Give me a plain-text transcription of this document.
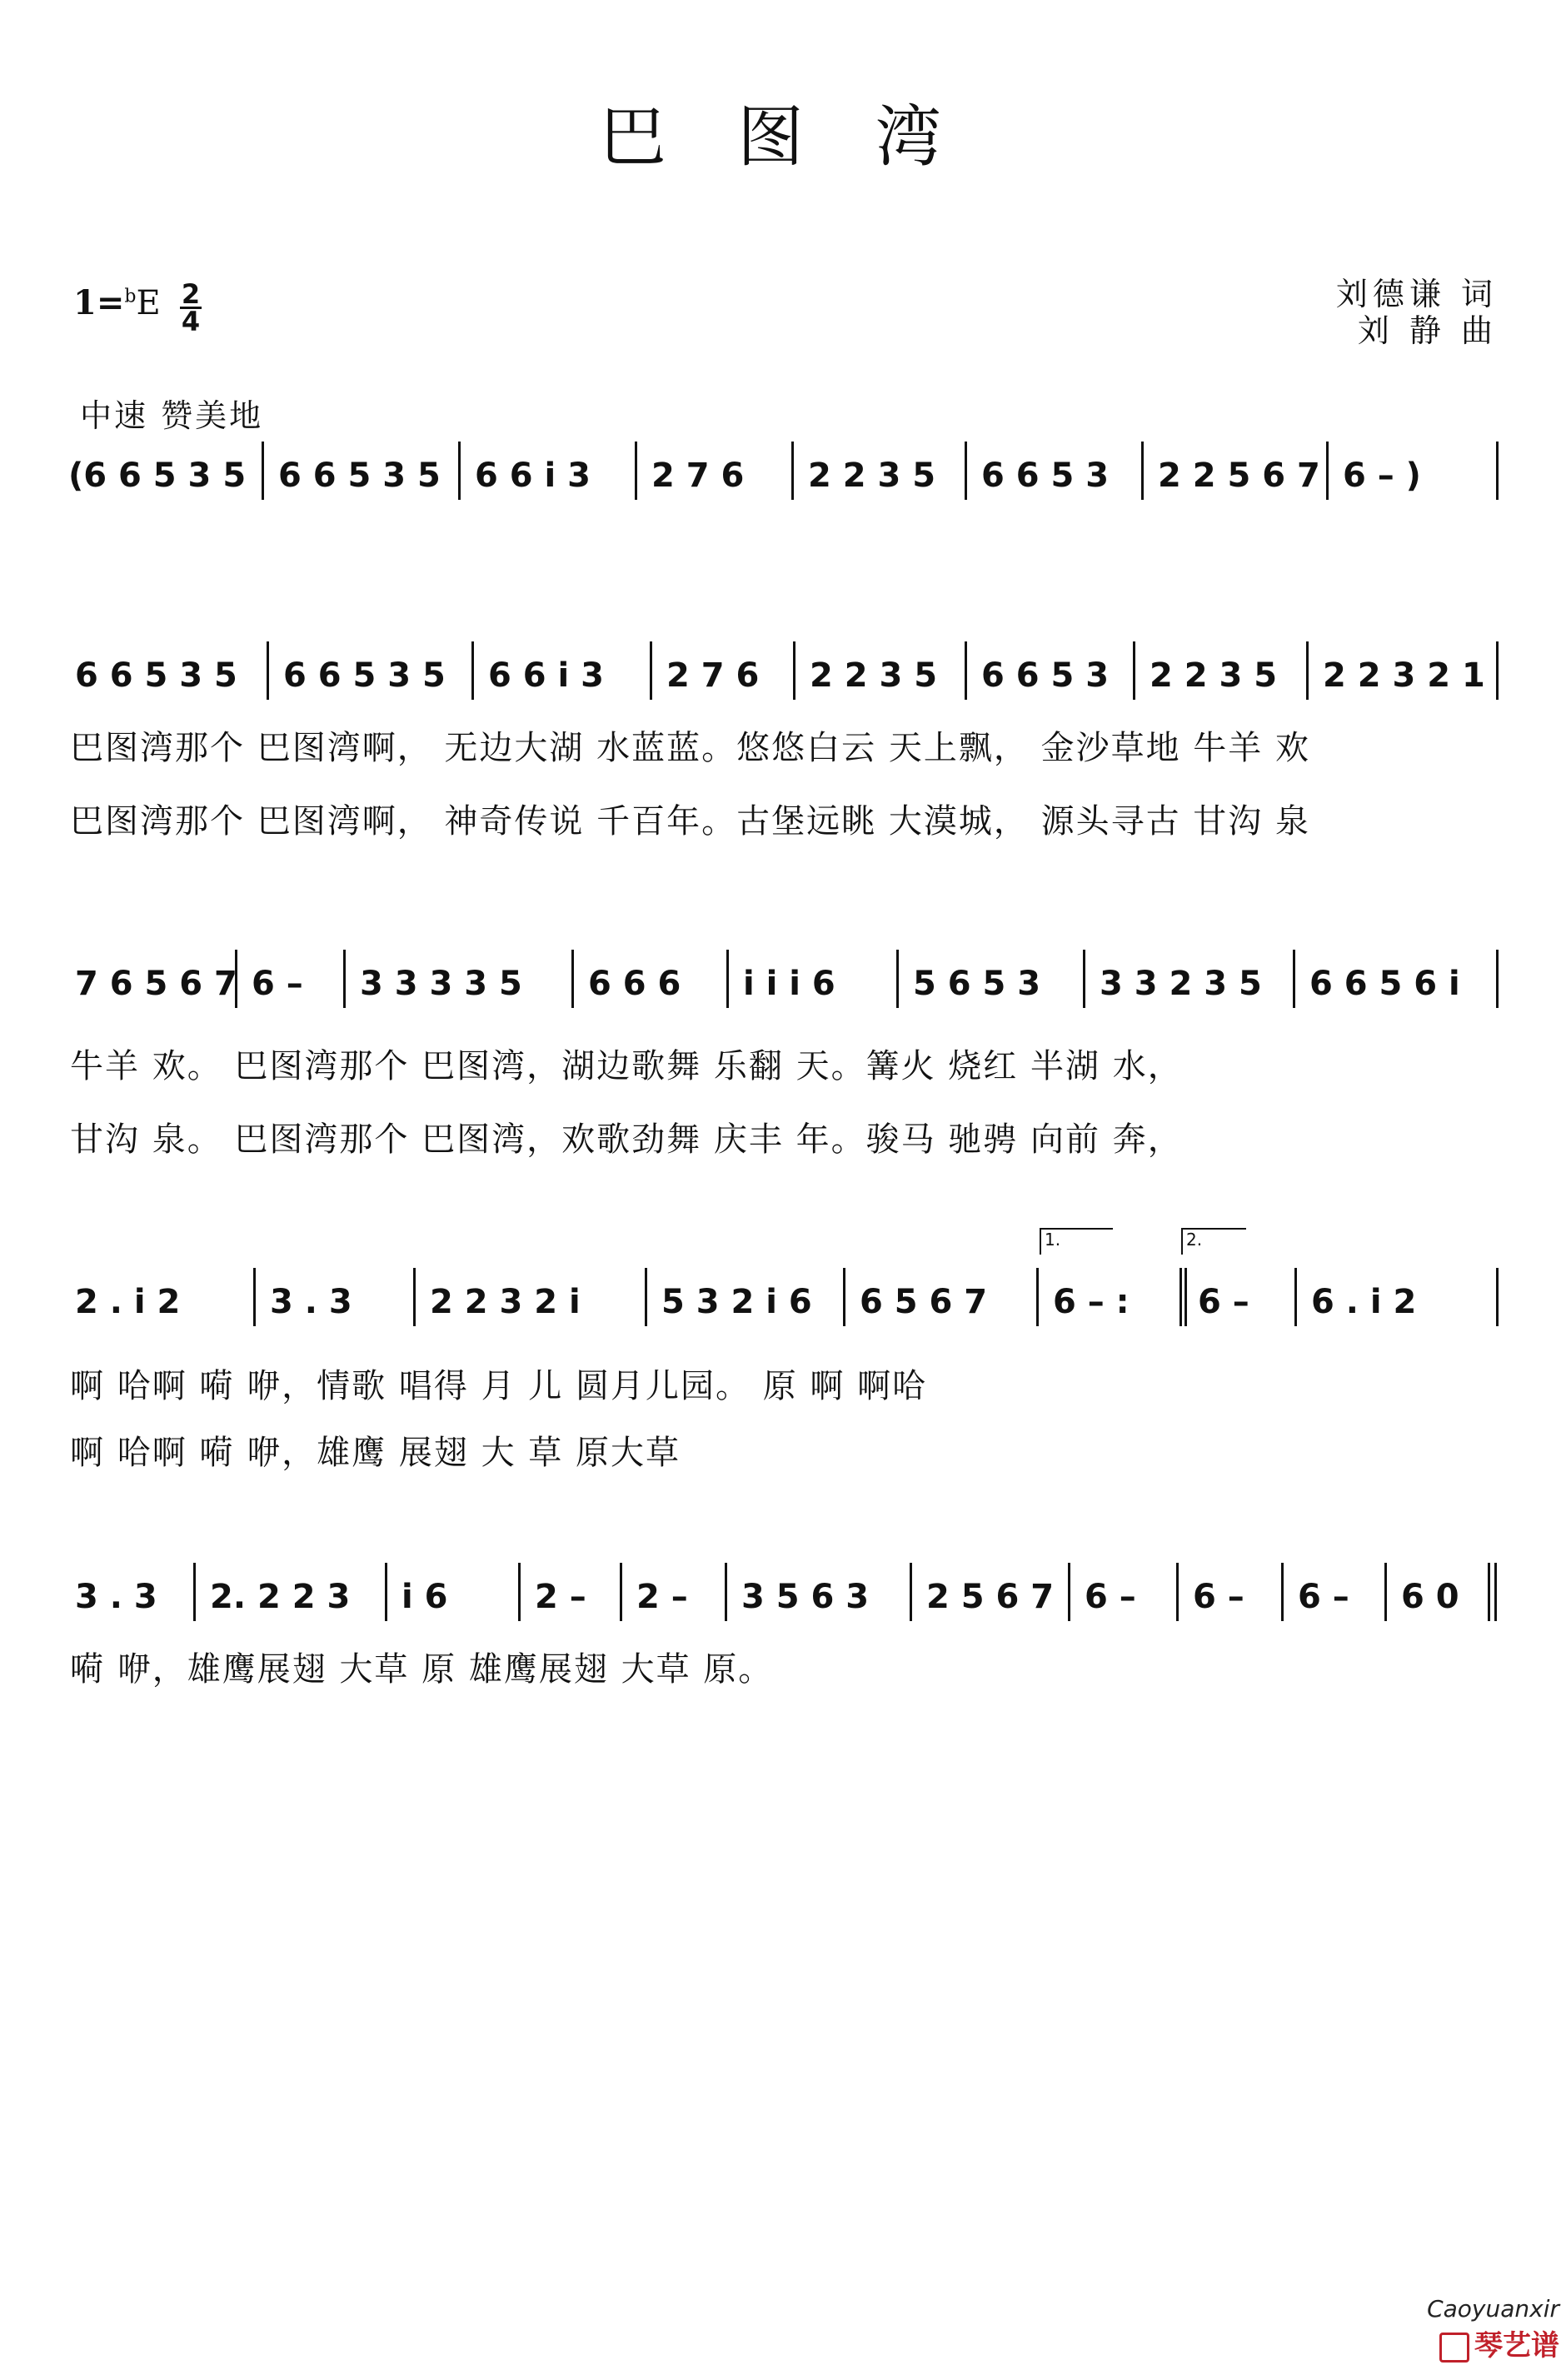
巴 图 湾
1=$^b$E 2
4
刘德谦 词
刘 静 曲
中速 赞美地
(6 6 5 3 5 6 6 5 3 5 6 6 i 3 2 7 6 2 2 3 5 6 6 5 3 2 2 5 6 7 6 – )
6 6 5 3 5 6 6 5 3 5 6 6 i 3 2 7 6 2 2 3 5 6 6 5 3 2 2 3 5 2 2 3 2 1
巴图湾那个 巴图湾啊， 无边大湖 水蓝蓝。悠悠白云 天上飘， 金沙草地 牛羊 欢
巴图湾那个 巴图湾啊， 神奇传说 千百年。古堡远眺 大漠城， 源头寻古 甘沟 泉
7 6 5 6 7 6 – 3 3 3 3 5 6 6 6 i i i 6 5 6 5 3 3 3 2 3 5 6 6 5 6 i
牛羊 欢。 巴图湾那个 巴图湾，湖边歌舞 乐翻 天。篝火 烧红 半湖 水，
甘沟 泉。 巴图湾那个 巴图湾，欢歌劲舞 庆丰 年。骏马 驰骋 向前 奔，
1.	2.
2 . i 2	3 . 3 2 2 3 2 i 5 3 2 i 6 6 5 6 7 6 – : 6 – 6 . i 2
啊 哈啊 嗬 咿，情歌 唱得 月 儿 圆月儿园。 原 啊 啊哈
啊 哈啊 嗬 咿，雄鹰 展翅 大 草 原大草
3 . 3 2. 2 2 3 i 6	2 – 2 – 3 5 6 3 2 5 6 7 6 – 6 – 6 – 6 0
嗬 咿，雄鹰展翅 大草 原 雄鹰展翅 大草 原。
Caoyuanxir
琴艺谱
